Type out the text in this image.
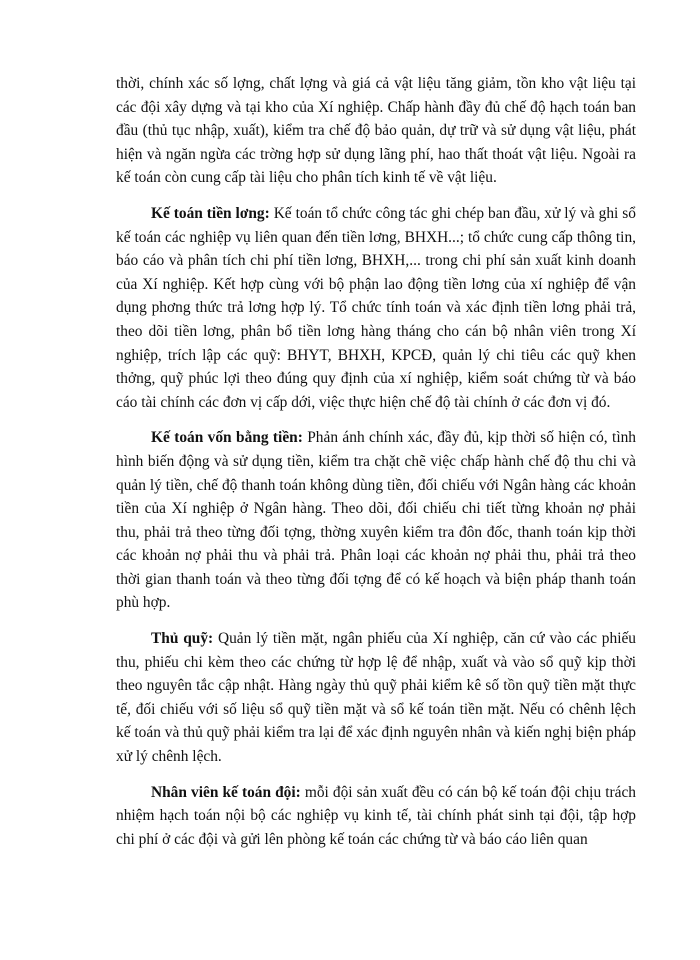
thời, chính xác số lợng, chất lợng và giá cả vật liệu tăng giảm, tồn kho vật liệu tại các đội xây dựng và tại kho của Xí nghiệp. Chấp hành đầy đủ chế độ hạch toán ban đầu (thủ tục nhập, xuất), kiểm tra chế độ bảo quản, dự trữ và sử dụng vật liệu, phát hiện và ngăn ngừa các trờng hợp sử dụng lãng phí, hao thất thoát vật liệu. Ngoài ra kế toán còn cung cấp tài liệu cho phân tích kinh tế về vật liệu.

Kế toán tiền lơng: Kế toán tổ chức công tác ghi chép ban đầu, xử lý và ghi sổ kế toán các nghiệp vụ liên quan đến tiền lơng, BHXH...; tổ chức cung cấp thông tin, báo cáo và phân tích chi phí tiền lơng, BHXH,... trong chi phí sản xuất kinh doanh của Xí nghiệp. Kết hợp cùng với bộ phận lao động tiền lơng của xí nghiệp để vận dụng phơng thức trả lơng hợp lý. Tổ chức tính toán và xác định tiền lơng phải trả, theo dõi tiền lơng, phân bổ tiền lơng hàng tháng cho cán bộ nhân viên trong Xí nghiệp, trích lập các quỹ: BHYT, BHXH, KPCĐ, quản lý chi tiêu các quỹ khen thởng, quỹ phúc lợi theo đúng quy định của xí nghiệp, kiểm soát chứng từ và báo cáo tài chính các đơn vị cấp dới, việc thực hiện chế độ tài chính ở các đơn vị đó.

Kế toán vốn bằng tiền: Phản ánh chính xác, đầy đủ, kịp thời số hiện có, tình hình biến động và sử dụng tiền, kiểm tra chặt chẽ việc chấp hành chế độ thu chi và quản lý tiền, chế độ thanh toán không dùng tiền, đối chiếu với Ngân hàng các khoản tiền của Xí nghiệp ở Ngân hàng. Theo dõi, đối chiếu chi tiết từng khoản nợ phải thu, phải trả theo từng đối tợng, thờng xuyên kiểm tra đôn đốc, thanh toán kịp thời các khoản nợ phải thu và phải trả. Phân loại các khoản nợ phải thu, phải trả theo thời gian thanh toán và theo từng đối tợng để có kế hoạch và biện pháp thanh toán phù hợp.

Thủ quỹ: Quản lý tiền mặt, ngân phiếu của Xí nghiệp, căn cứ vào các phiếu thu, phiếu chi kèm theo các chứng từ hợp lệ để nhập, xuất và vào sổ quỹ kịp thời theo nguyên tắc cập nhật. Hàng ngày thủ quỹ phải kiểm kê số tồn quỹ tiền mặt thực tế, đối chiếu với số liệu sổ quỹ tiền mặt và sổ kế toán tiền mặt. Nếu có chênh lệch kế toán và thủ quỹ phải kiểm tra lại để xác định nguyên nhân và kiến nghị biện pháp xử lý chênh lệch.

Nhân viên kế toán đội: mỗi đội sản xuất đều có cán bộ kế toán đội chịu trách nhiệm hạch toán nội bộ các nghiệp vụ kinh tế, tài chính phát sinh tại đội, tập hợp chi phí ở các đội và gửi lên phòng kế toán các chứng từ và báo cáo liên quan
